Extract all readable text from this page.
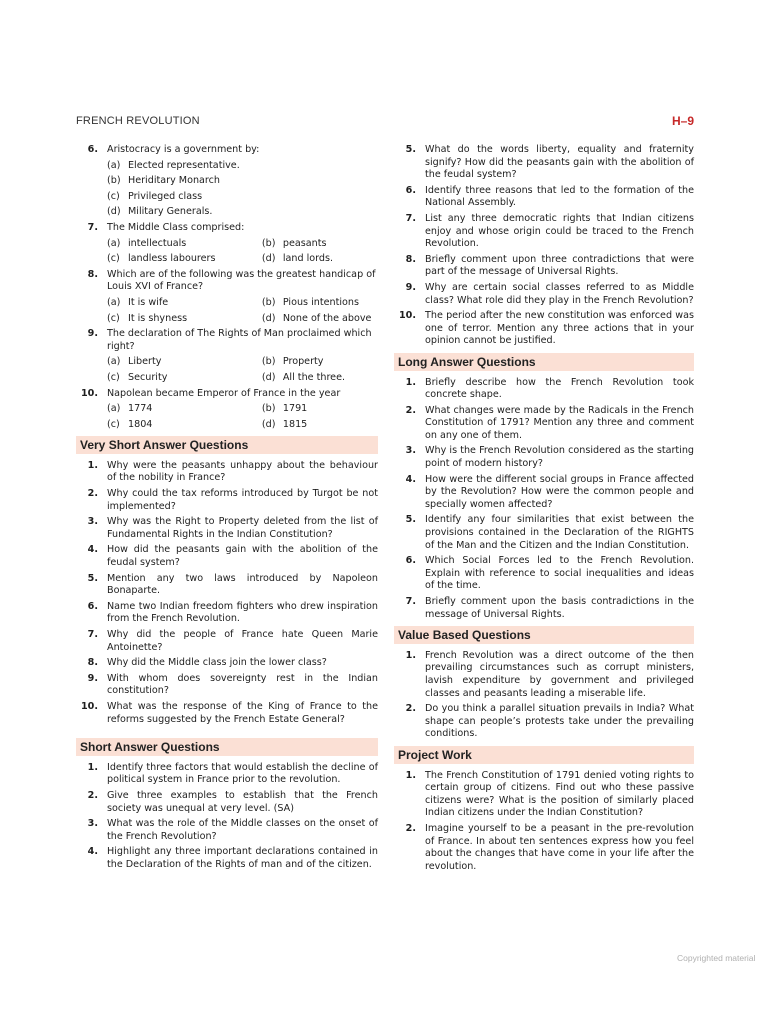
FRENCH REVOLUTION	H–9
6. Aristocracy is a government by:
(a) Elected representative.
(b) Heriditary Monarch
(c) Privileged class
(d) Military Generals.
7. The Middle Class comprised:
(a) intellectuals	(b) peasants
(c) landless labourers	(d) land lords.
8. Which are of the following was the greatest handicap of Louis XVI of France?
(a) It is wife	(b) Pious intentions
(c) It is shyness	(d) None of the above
9. The declaration of The Rights of Man proclaimed which right?
(a) Liberty	(b) Property
(c) Security	(d) All the three.
10. Napolean became Emperor of France in the year
(a) 1774	(b) 1791
(c) 1804	(d) 1815
Very Short Answer Questions
1. Why were the peasants unhappy about the behaviour of the nobility in France?
2. Why could the tax reforms introduced by Turgot be not implemented?
3. Why was the Right to Property deleted from the list of Fundamental Rights in the Indian Constitution?
4. How did the peasants gain with the abolition of the feudal system?
5. Mention any two laws introduced by Napoleon Bonaparte.
6. Name two Indian freedom fighters who drew inspiration from the French Revolution.
7. Why did the people of France hate Queen Marie Antoinette?
8. Why did the Middle class join the lower class?
9. With whom does sovereignty rest in the Indian constitution?
10. What was the response of the King of France to the reforms suggested by the French Estate General?
Short Answer Questions
1. Identify three factors that would establish the decline of political system in France prior to the revolution.
2. Give three examples to establish that the French society was unequal at very level. (SA)
3. What was the role of the Middle classes on the onset of the French Revolution?
4. Highlight any three important declarations contained in the Declaration of the Rights of man and of the citizen.
5. What do the words liberty, equality and fraternity signify? How did the peasants gain with the abolition of the feudal system?
6. Identify three reasons that led to the formation of the National Assembly.
7. List any three democratic rights that Indian citizens enjoy and whose origin could be traced to the French Revolution.
8. Briefly comment upon three contradictions that were part of the message of Universal Rights.
9. Why are certain social classes referred to as Middle class? What role did they play in the French Revolution?
10. The period after the new constitution was enforced was one of terror. Mention any three actions that in your opinion cannot be justified.
Long Answer Questions
1. Briefly describe how the French Revolution took concrete shape.
2. What changes were made by the Radicals in the French Constitution of 1791? Mention any three and comment on any one of them.
3. Why is the French Revolution considered as the starting point of modern history?
4. How were the different social groups in France affected by the Revolution? How were the common people and specially women affected?
5. Identify any four similarities that exist between the provisions contained in the Declaration of the RIGHTS of the Man and the Citizen and the Indian Constitution.
6. Which Social Forces led to the French Revolution. Explain with reference to social inequalities and ideas of the time.
7. Briefly comment upon the basis contradictions in the message of Universal Rights.
Value Based Questions
1. French Revolution was a direct outcome of the then prevailing circumstances such as corrupt ministers, lavish expenditure by government and privileged classes and peasants leading a miserable life.
2. Do you think a parallel situation prevails in India? What shape can people’s protests take under the prevailing conditions.
Project Work
1. The French Constitution of 1791 denied voting rights to certain group of citizens. Find out who these passive citizens were? What is the position of similarly placed Indian citizens under the Indian Constitution?
2. Imagine yourself to be a peasant in the pre-revolution of France. In about ten sentences express how you feel about the changes that have come in your life after the revolution.
Copyrighted material
